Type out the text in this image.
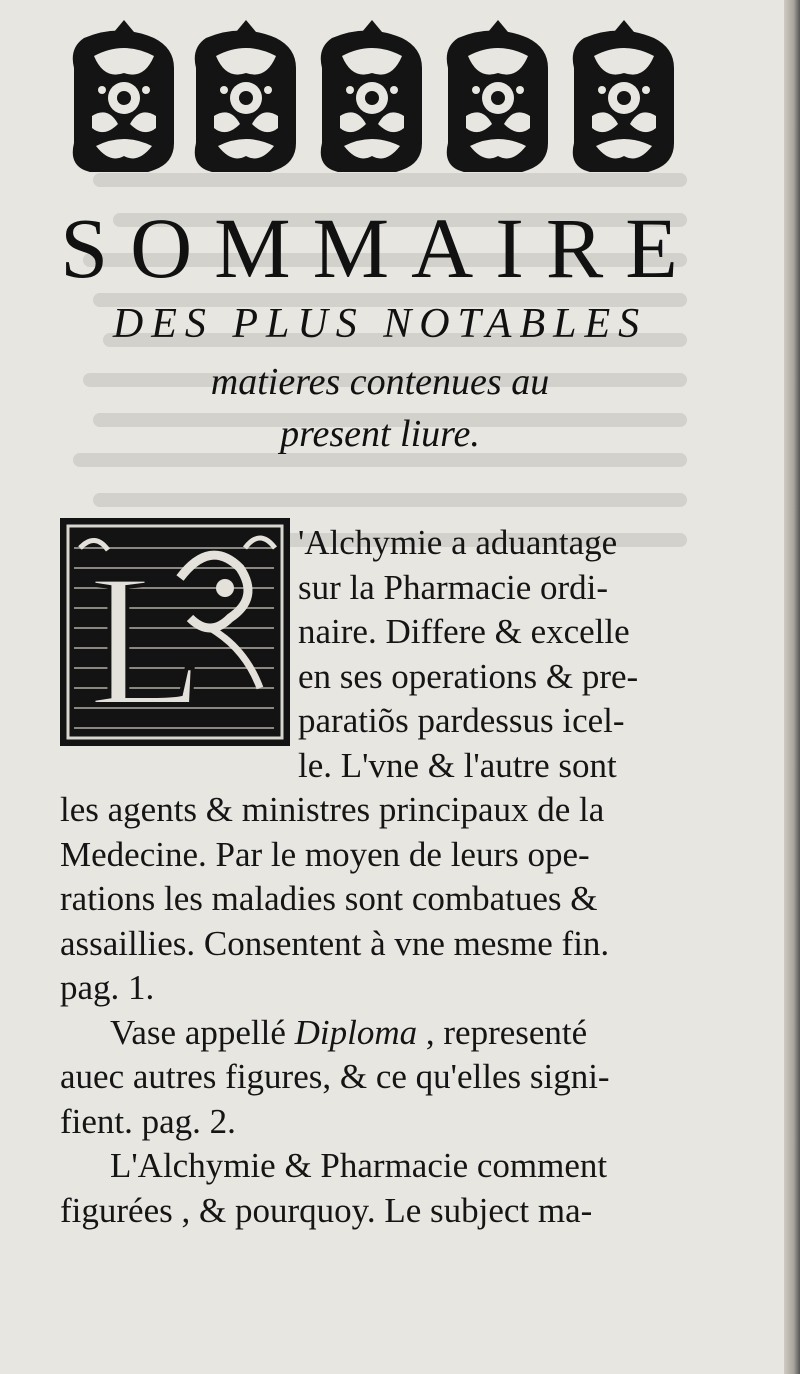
SOMMAIRE
DES PLUS NOTABLES
matieres contenues au
present liure.
L	'Alchymie a aduantage
sur la Pharmacie ordi-
naire. Differe & excelle
en ses operations & pre-
paratiõs pardessus icel-
le. L'vne & l'autre sont
les agents & ministres principaux de la
Medecine. Par le moyen de leurs ope-
rations les maladies sont combatues &
assaillies. Consentent à vne mesme fin.
pag. 1.
Vase appellé Diploma , representé
auec autres figures, & ce qu'elles signi-
fient. pag. 2.
L'Alchymie & Pharmacie comment
figurées , & pourquoy. Le subject ma-
